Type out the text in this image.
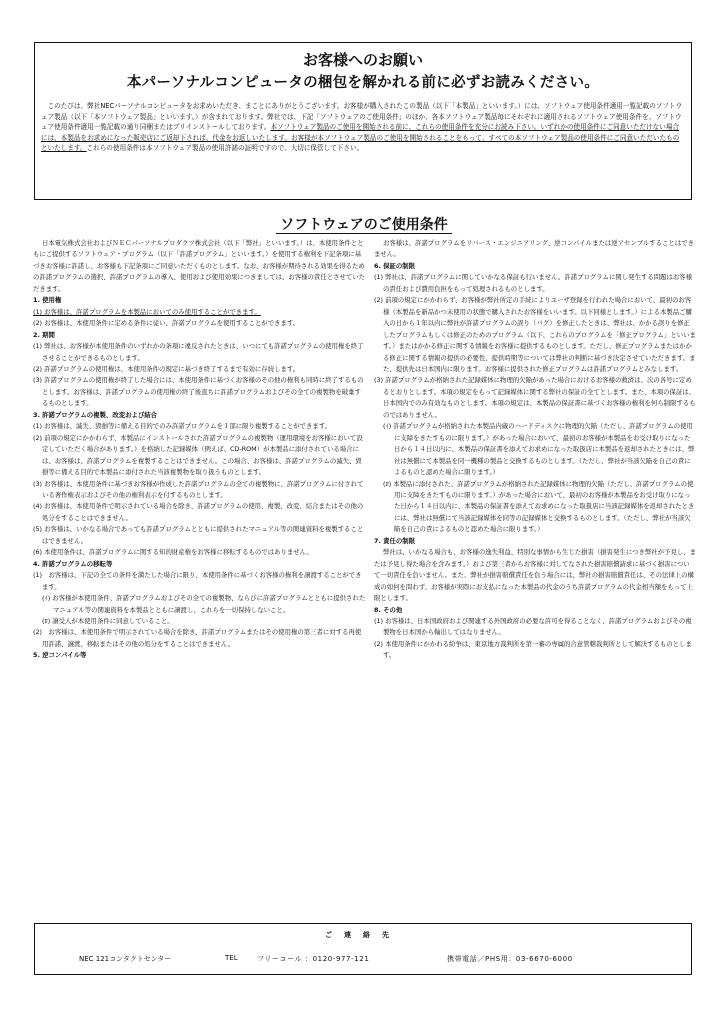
お客様へのお願い
本パーソナルコンピュータの梱包を解かれる前に必ずお読みください。

　このたびは、弊社NECパーソナルコンピュータをお求めいただき、まことにありがとうございます。お客様が購入されたこの製品（以下「本製品」といいます。）には、ソフトウェア使用条件適用一覧記載のソフトウェア製品（以下「本ソフトウェア製品」といいます。）が含まれております。弊社では、下記「ソフトウェアのご使用条件」のほか、各本ソフトウェア製品毎にそれぞれに適用されるソフトウェア使用条件を、ソフトウェア使用条件適用一覧記載の通り同梱またはプリインストールしております。本ソフトウェア製品のご使用を開始される前に、これらの使用条件を充分にお読み下さい。いずれかの使用条件にご同意いただけない場合には、本製品をお求めになった販売店にご返却下されば、代金をお返しいたします。お客様が本ソフトウェア製品のご使用を開始されることをもって、すべての本ソフトウェア製品の使用条件にご同意いただいたものといたします。これらの使用条件は本ソフトウェア製品の使用許諾の証明ですので、大切に保管して下さい。

ソフトウェアのご使用条件

日本電気株式会社およびＮＥＣパーソナルプロダクツ株式会社（以下「弊社」といいます。）は、本使用条件とともにご提供するソフトウェア・プログラム（以下「許諾プログラム」といいます。）を使用する権利を下記条項に基づきお客様に許諾し、お客様も下記条項にご同意いただくものとします。なお、お客様が期待される効果を得るための許諾プログラムの選択、許諾プログラムの導入、使用および使用効果につきましては、お客様の責任とさせていただきます。

1. 使用権

(1) お客様は、許諾プログラムを本製品においてのみ使用することができます。

(2) お客様は、本使用条件に定める条件に従い、許諾プログラムを使用することができます。

2. 期間

(1) 弊社は、お客様が本使用条件のいずれかの条項に違反されたときは、いつにても許諾プログラムの使用権を終了させることができるものとします。

(2) 許諾プログラムの使用権は、本使用条件の規定に基づき終了するまで有効に存続します。

(3) 許諾プログラムの使用権が終了した場合には、本使用条件に基づくお客様のその他の権利も同時に終了するものとします。お客様は、許諾プログラムの使用権の終了後直ちに許諾プログラムおよびその全ての複製物を破棄するものとします。

3. 許諾プログラムの複製、改変および結合

(1) お客様は、滅失、毀損等に備える目的でのみ許諾プログラムを１部に限り複製することができます。

(2) 前項の規定にかかわらず、本製品にインストールされた許諾プログラムの複製物（運用環境をお客様において設定していただく場合があります。）を格納した記録媒体（例えば、CD-ROM）が本製品に添付されている場合には、お客様は、許諾プログラムを複製することはできません。この場合、お客様は、許諾プログラムの滅失、毀損等に備える目的で本製品に添付された当該複製物を取り扱うものとします。

(3) お客様は、本使用条件に基づきお客様が作成した許諾プログラムの全ての複製物に、許諾プログラムに付されている著作権表示およびその他の権利表示を付するものとします。

(4) お客様は、本使用条件で明示されている場合を除き、許諾プログラムの使用、複製、改変、結合またはその他の処分をすることはできません。

(5) お客様は、いかなる場合であっても許諾プログラムとともに提供されたマニュアル等の関連資料を複製することはできません。

(6) 本使用条件は、許諾プログラムに関する知的財産権をお客様に移転するものではありません。

4. 許諾プログラムの移転等

(1)　お客様は、下記の全ての条件を満たした場合に限り、本使用条件に基づくお客様の権利を譲渡することができます。

(ｲ) お客様が本使用条件、許諾プログラムおよびその全ての複製物、ならびに許諾プログラムとともに提供されたマニュアル等の関連資料を本製品とともに譲渡し、これらを一切保持しないこと。

(ﾛ) 譲受人が本使用条件に同意していること。

(2)　お客様は、本使用条件で明示されている場合を除き、許諾プログラムまたはその使用権の第三者に対する再使用許諾、譲渡、移転またはその他の処分をすることはできません。

5. 逆コンパイル等

お客様は、許諾プログラムをリバース・エンジニアリング、逆コンパイルまたは逆アセンブルすることはできません。

6. 保証の制限

(1) 弊社は、許諾プログラムに関していかなる保証も行いません。許諾プログラムに関し発生する問題はお客様の責任および費用負担をもって処理されるものとします。

(2) 前項の規定にかかわらず、お客様が弊社所定の手続によりユーザ登録を行われた場合において、最初のお客様（本製品を新品かつ未使用の状態で購入されたお客様をいいます。以下同様とします。）による本製品ご購入の日から１年以内に弊社が許諾プログラムの誤り（バグ）を修正したときは、弊社は、かかる誤りを修正したプログラムもしくは修正のためのプログラム（以下、これらのプログラムを「修正プログラム」といいます。）またはかかる修正に関する情報をお客様に提供するものとします。ただし、修正プログラムまたはかかる修正に関する情報の提供の必要性、提供時期等については弊社の判断に基づき決定させていただきます。また、提供先は日本国内に限ります。お客様に提供された修正プログラムは許諾プログラムとみなします。

(3) 許諾プログラムが格納された記録媒体に物理的欠陥があった場合におけるお客様の救済は、次の各号に定めるとおりとします。本項の規定をもって記録媒体に関する弊社の保証の全てとします。また、本項の保証は、日本国内でのみ有効なものとします。本項の規定は、本製品の保証書に基づくお客様の権利を何ら制限するものではありません。

(ｲ) 許諾プログラムが格納された本製品内蔵のハードディスクに物理的欠陥（ただし、許諾プログラムの使用に支障をきたすものに限ります。）があった場合において、最初のお客様が本製品をお受け取りになった日から１４日以内に、本製品の保証書を添えてお求めになった取扱店に本製品を返却されたときには、弊社は無償にて本製品を同一機種の製品と交換するものとします。（ただし、弊社が当該欠陥を自己の責によるものと認めた場合に限ります。）

(ﾛ) 本製品に添付された、許諾プログラムが格納された記録媒体に物理的欠陥（ただし、許諾プログラムの使用に支障をきたすものに限ります。）があった場合において、最初のお客様が本製品をお受け取りになった日から１４日以内に、本製品の保証書を添えてお求めになった取扱店に当該記録媒体を返却されたときには、弊社は無償にて当該記録媒体を同等の記録媒体と交換するものとします。（ただし、弊社が当該欠陥を自己の責によるものと認めた場合に限ります。）

7. 責任の制限

弊社は、いかなる場合も、お客様の逸失利益、特別な事情から生じた損害（損害発生につき弊社が予見し、または予見し得た場合を含みます。）および第三者からお客様に対してなされた損害賠償請求に基づく損害について一切責任を負いません。また、弊社が損害賠償責任を負う場合には、弊社の損害賠償責任は、その法律上の構成の如何を問わず、お客様が実際にお支払になった本製品の代金のうち許諾プログラムの代金相当額をもって上限とします。

8. その他

(1) お客様は、日本国政府および関連する外国政府の必要な許可を得ることなく、許諾プログラムおよびその複製物を日本国から輸出してはなりません。

(2) 本使用条件にかかわる紛争は、東京地方裁判所を第一審の専属的合意管轄裁判所として解決するものとします。

ご連絡先
NEC 121コンタクトセンター	TEL	フリーコール ：0120-977-121	携帯電話／PHS用：03-6670-6000
